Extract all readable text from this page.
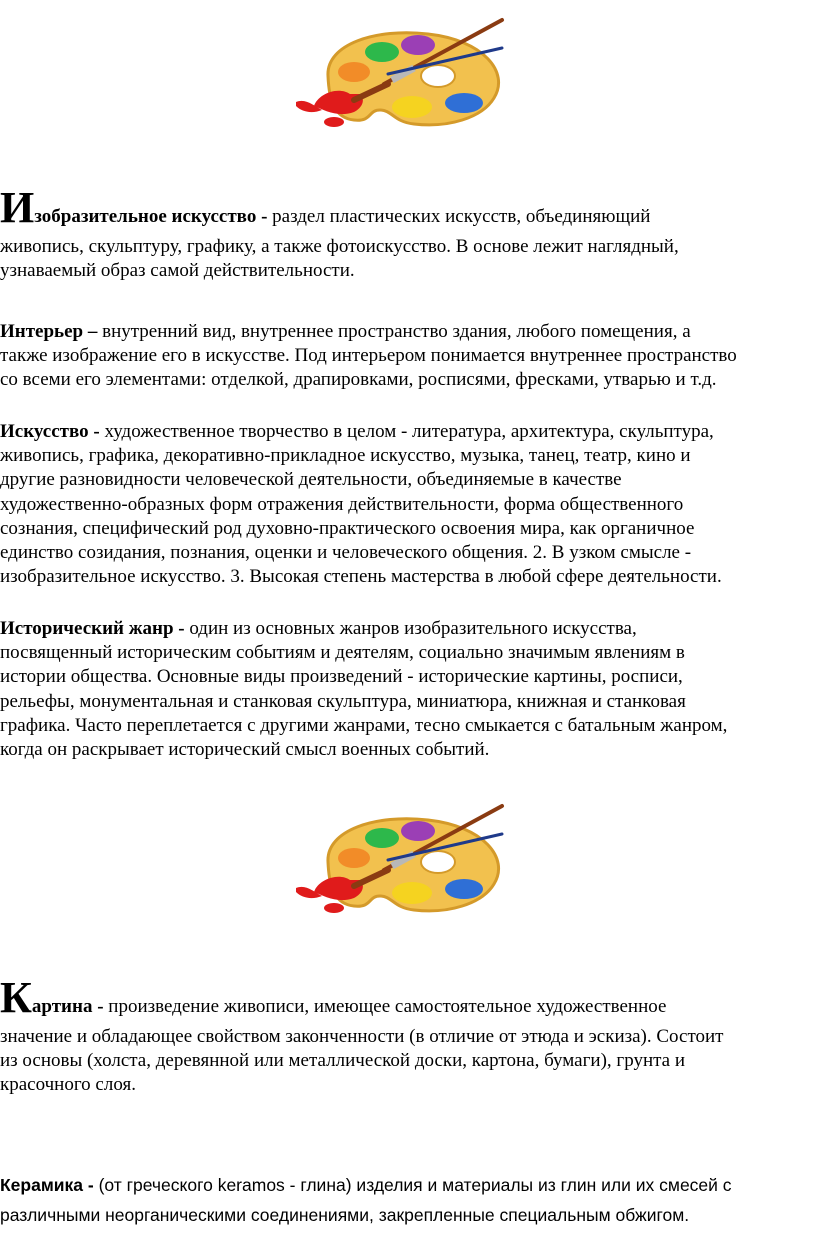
Изобразительное искусство - раздел пластических искусств, объединяющий

живопись, скульптуру, графику, а также фотоискусство. В основе лежит наглядный,

узнаваемый образ самой действительности.

Интерьер – внутренний вид, внутреннее пространство здания, любого помещения, а

также изображение его в искусстве. Под интерьером понимается внутреннее пространство

со всеми его элементами: отделкой, драпировками, росписями, фресками, утварью и т.д.

Искусство - художественное творчество в целом - литература, архитектура, скульптура,

живопись, графика, декоративно-прикладное искусство, музыка, танец, театр, кино и

другие разновидности человеческой деятельности, объединяемые в качестве

художественно-образных форм отражения действительности, форма общественного

сознания, специфический род духовно-практического освоения мира, как органичное

единство созидания, познания, оценки и человеческого общения. 2. В узком смысле -

изобразительное искусство. 3. Высокая степень мастерства в любой сфере деятельности.

Исторический жанр - один из основных жанров изобразительного искусства,

посвященный историческим событиям и деятелям, социально значимым явлениям в

истории общества. Основные виды произведений - исторические картины, росписи,

рельефы, монументальная и станковая скульптура, миниатюра, книжная и станковая

графика. Часто переплетается с другими жанрами, тесно смыкается с батальным жанром,

когда он раскрывает исторический смысл военных событий.

Картина - произведение живописи, имеющее самостоятельное художественное

значение и обладающее свойством законченности (в отличие от этюда и эскиза). Состоит

из основы (холста, деревянной или металлической доски, картона, бумаги), грунта и

красочного слоя.

Керамика - (от греческого keramos - глина) изделия и материалы из глин или их смесей с

различными неорганическими соединениями, закрепленные специальным обжигом.
